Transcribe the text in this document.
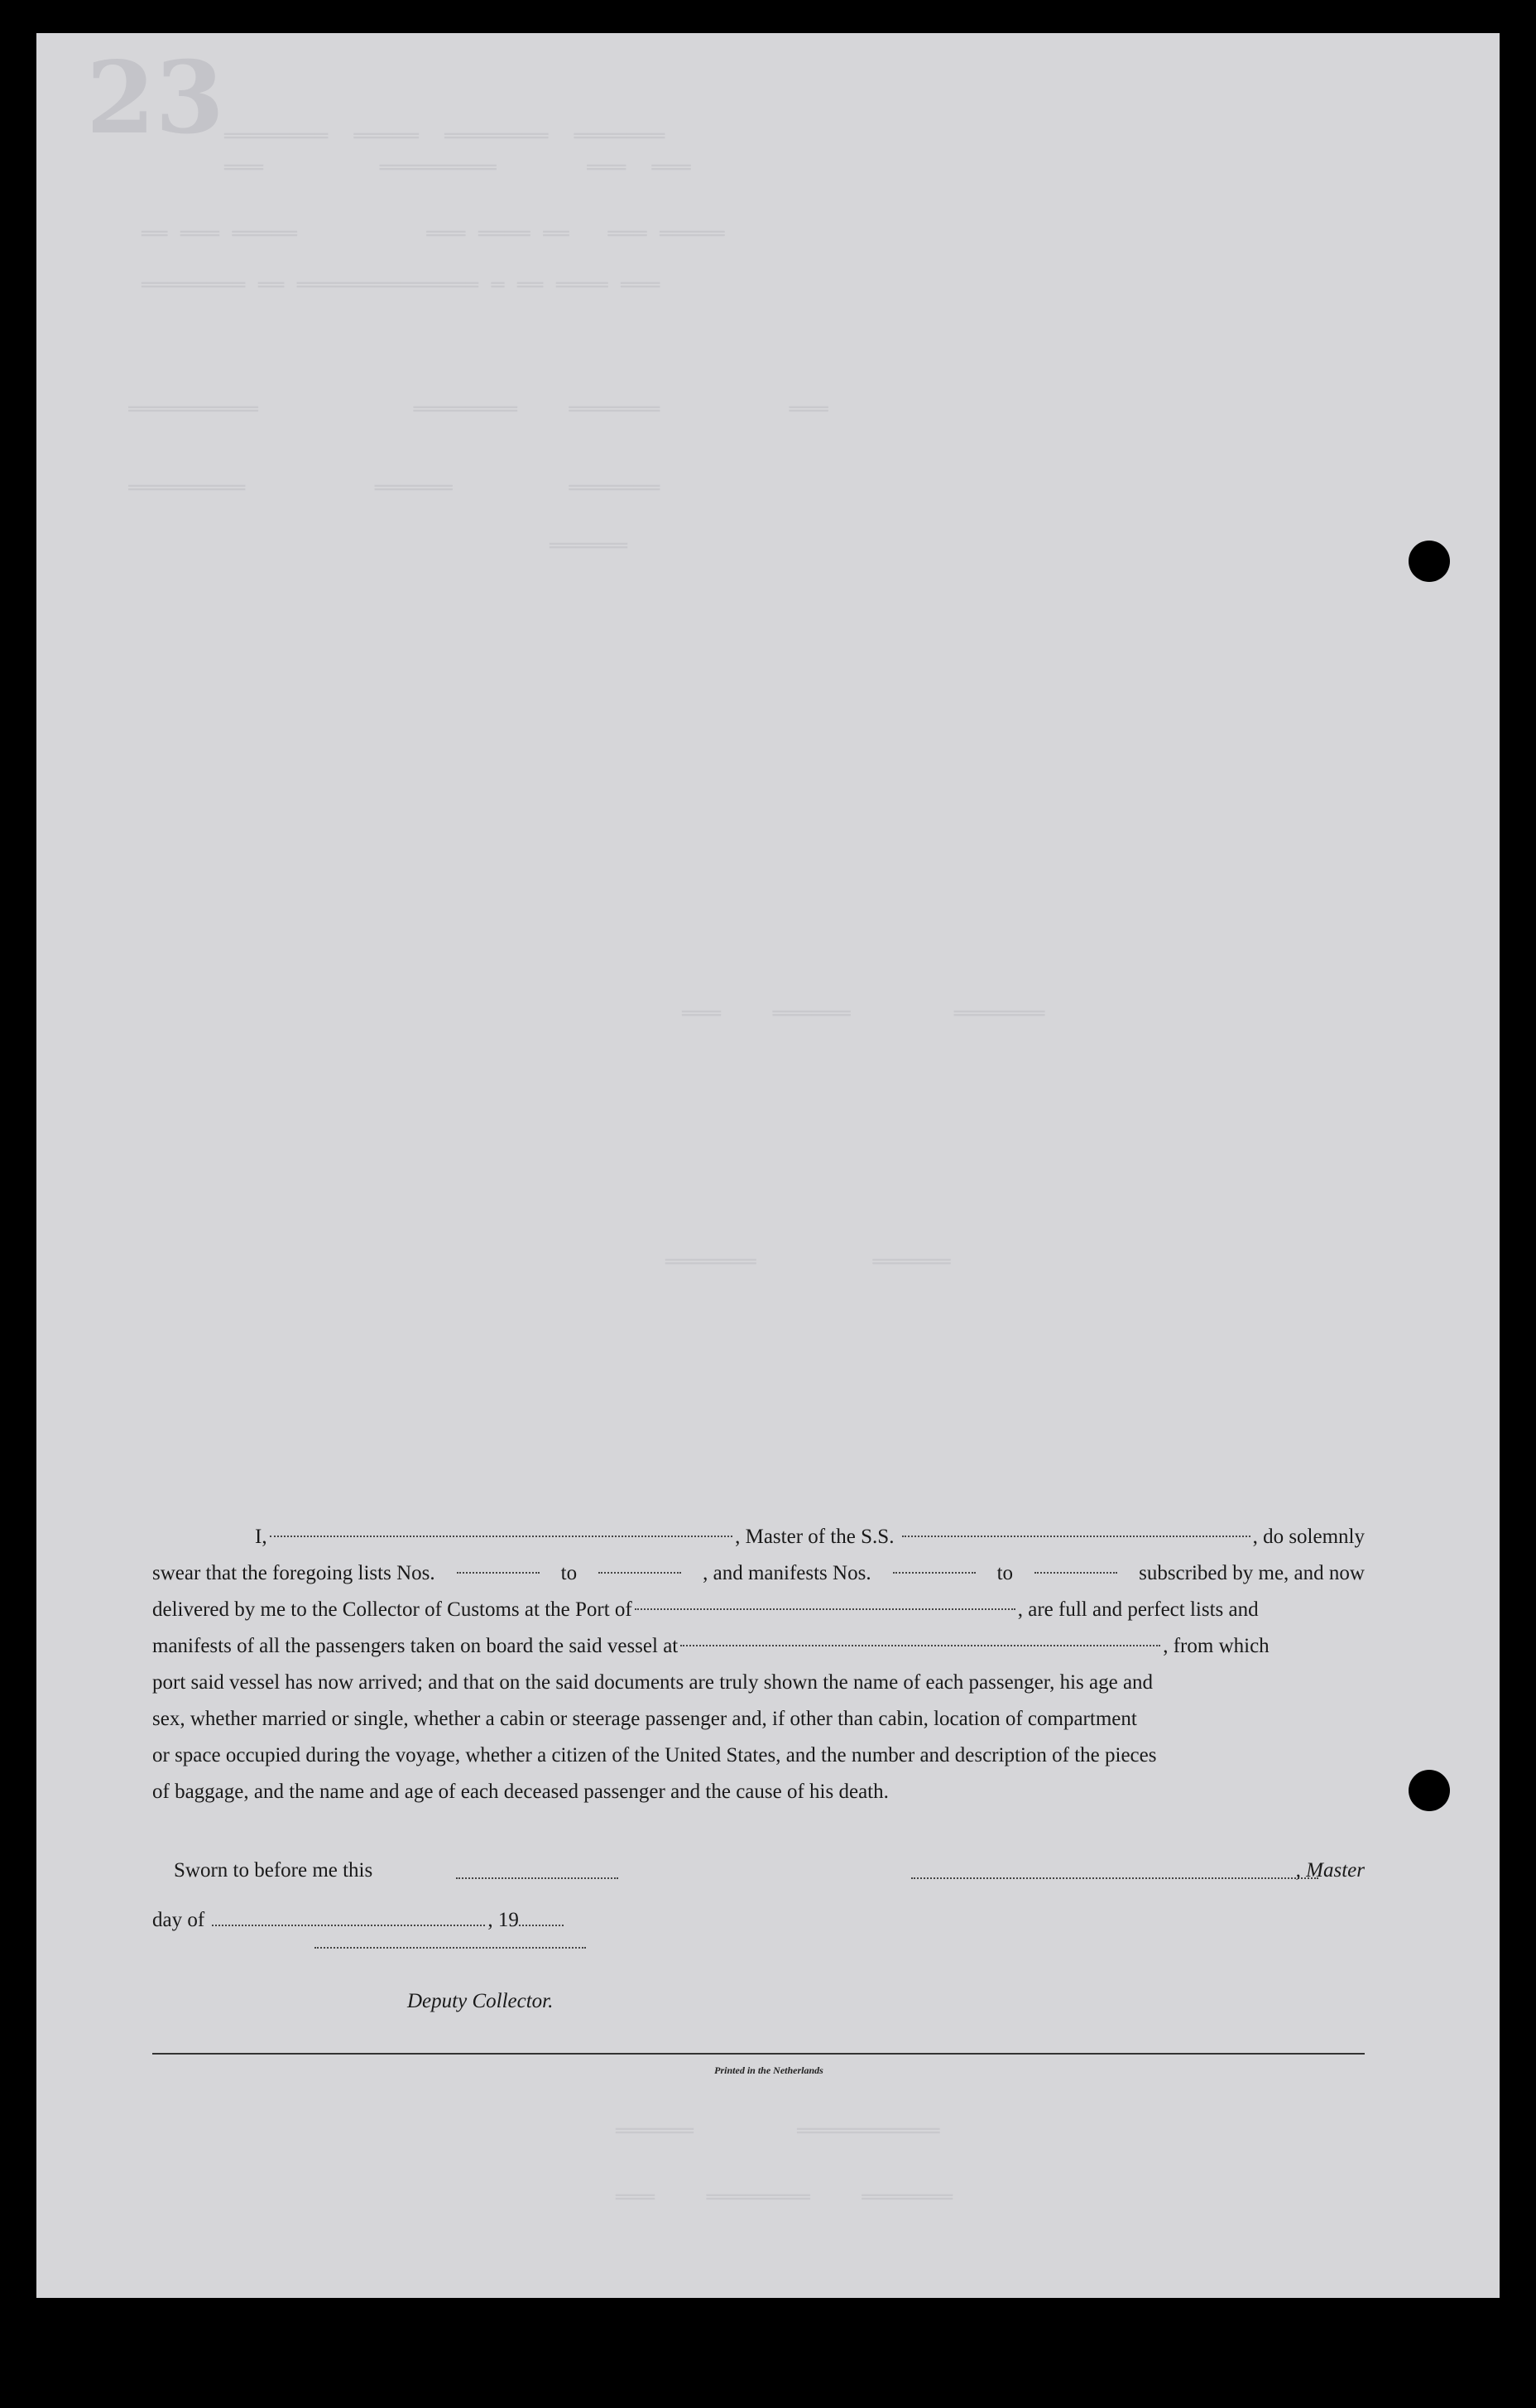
23
════════  ═════  ════════  ═══════
═══         ═════════       ═══  ═══
══ ═══ ═════          ═══ ════ ══   ═══ ═════
════════ ══ ══════════════ ═ ══ ════ ═══
══════════            ════════    ═══════          ═══
═════════          ══════         ═══════
══════
═══    ══════        ═══════
═══════         ══════
══════        ═══════════
═══    ════════    ═══════
I,	, Master of the S.S.	, do solemnly
swear that the foregoing lists Nos.	to	, and manifests Nos.	to	subscribed by me, and now
delivered by me to the Collector of Customs at the Port of	, are full and perfect lists and
manifests of all the passengers taken on board the said vessel at	, from which
port said vessel has now arrived; and that on the said documents are truly shown the name of each passenger, his age and
sex, whether married or single, whether a cabin or steerage passenger and, if other than cabin, location of compartment
or space occupied during the voyage, whether a citizen of the United States, and the number and description of the pieces
of baggage, and the name and age of each deceased passenger and the cause of his death.
Sworn to before me this	, Master
day of	, 19
Deputy Collector.
Printed in the Netherlands
